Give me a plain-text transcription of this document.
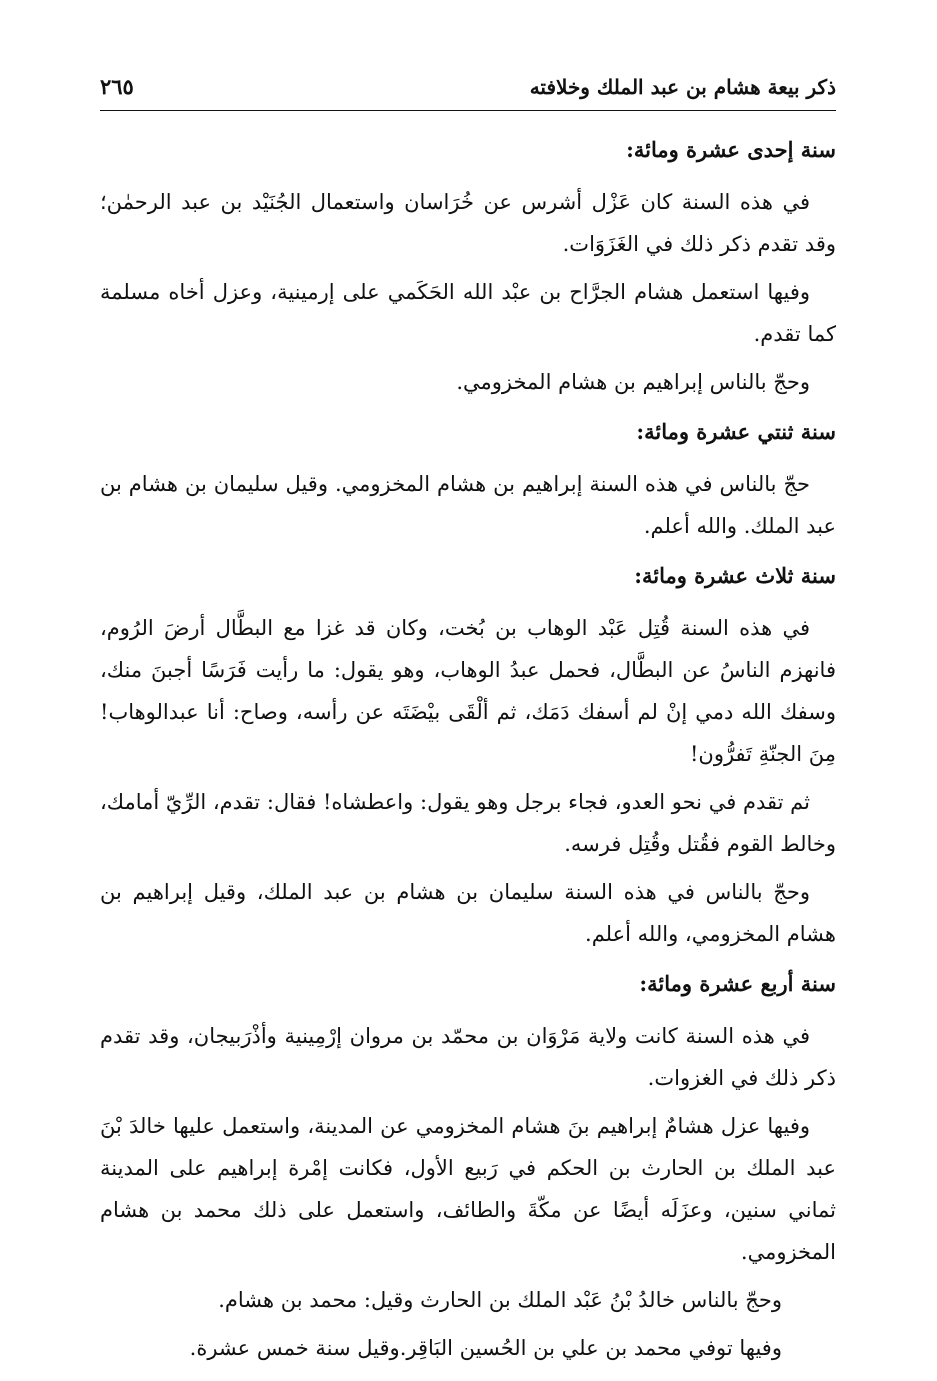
ذكر بيعة هشام بن عبد الملك وخلافته
٢٦٥
سنة إحدى عشرة ومائة:

في هذه السنة كان عَزْل أشرس عن خُرَاسان واستعمال الجُنَيْد بن عبد الرحمٰن؛ وقد تقدم ذكر ذلك في الغَزَوَات.

وفيها استعمل هشام الجرَّاح بن عبْد الله الحَكَمي على إرمينية، وعزل أخاه مسلمة كما تقدم.

وحجّ بالناس إبراهيم بن هشام المخزومي.

سنة ثنتي عشرة ومائة:

حجّ بالناس في هذه السنة إبراهيم بن هشام المخزومي. وقيل سليمان بن هشام بن عبد الملك. والله أعلم.

سنة ثلاث عشرة ومائة:

في هذه السنة قُتِل عَبْد الوهاب بن بُخت، وكان قد غزا مع البطَّال أرضَ الرُوم، فانهزم الناسُ عن البطَّال، فحمل عبدُ الوهاب، وهو يقول: ما رأيت فَرَسًا أجبنَ منك، وسفك الله دمي إنْ لم أسفك دَمَك، ثم ألْقَى بيْضَتَه عن رأسه، وصاح: أنا عبدالوهاب! مِنَ الجنّةِ تَفرُّون!

ثم تقدم في نحو العدو، فجاء برجل وهو يقول: واعطشاه! فقال: تقدم، الرِّيّ أمامك، وخالط القوم فقُتل وقُتِل فرسه.

وحجّ بالناس في هذه السنة سليمان بن هشام بن عبد الملك، وقيل إبراهيم بن هشام المخزومي، والله أعلم.

سنة أربع عشرة ومائة:

في هذه السنة كانت ولاية مَرْوَان بن محمّد بن مروان إرْمِينية وأذْرَبيجان، وقد تقدم ذكر ذلك في الغزوات.

وفيها عزل هشامٌ إبراهيم بنَ هشام المخزومي عن المدينة، واستعمل عليها خالدَ بْنَ عبد الملك بن الحارث بن الحكم في رَبيع الأول، فكانت إمْرة إبراهيم على المدينة ثماني سنين، وعزَلَه أيضًا عن مكّةَ والطائف، واستعمل على ذلك محمد بن هشام المخزومي.

وحجّ بالناس خالدُ بْنُ عَبْد الملك بن الحارث وقيل: محمد بن هشام.

وفيها توفي محمد بن علي بن الحُسين البَاقِر.وقيل سنة خمس عشرة.
